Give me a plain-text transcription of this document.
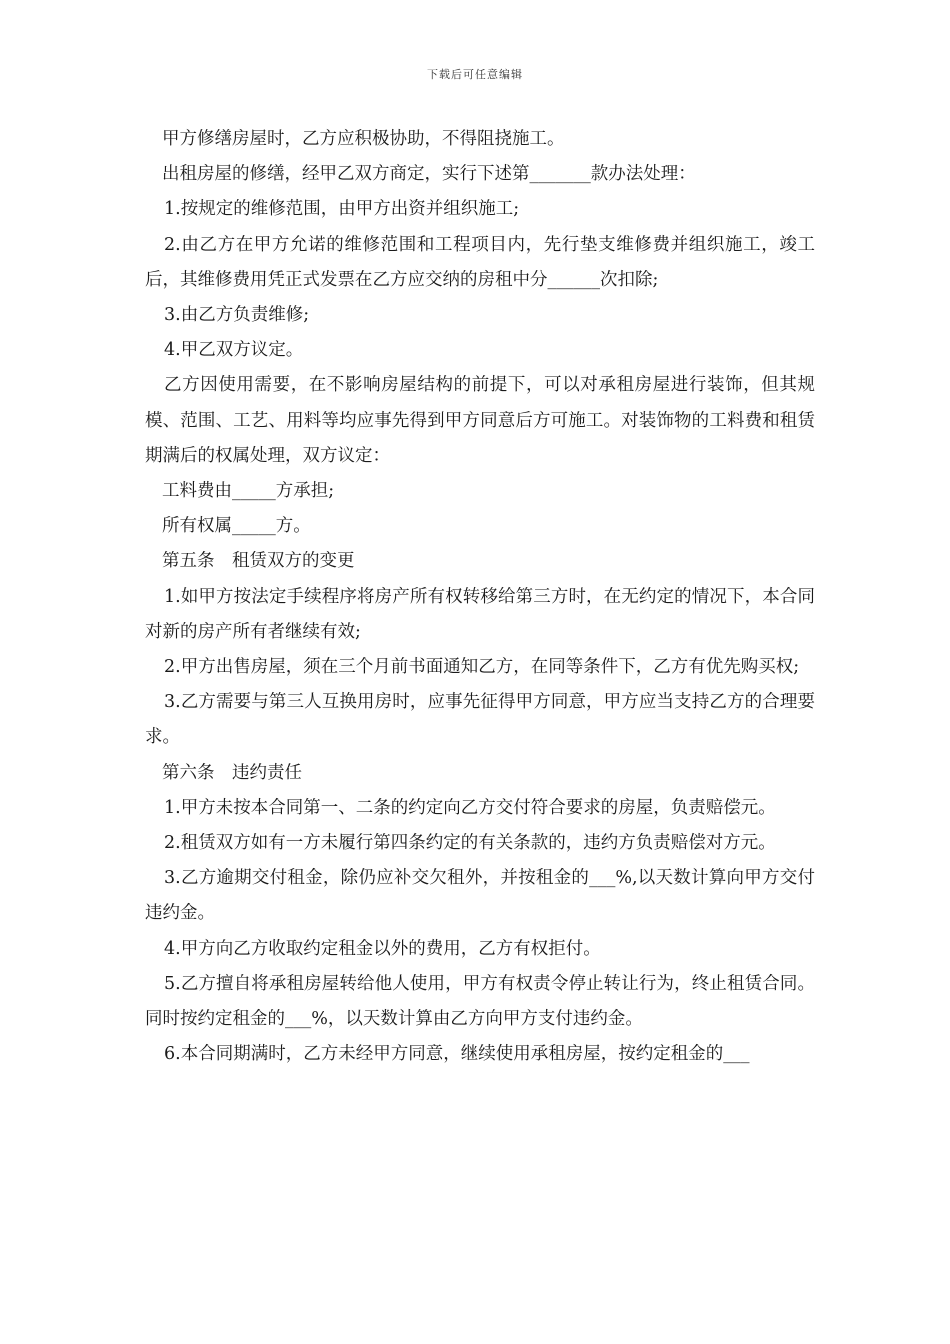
下载后可任意编辑

甲方修缮房屋时，乙方应积极协助，不得阻挠施工。

出租房屋的修缮，经甲乙双方商定，实行下述第_______款办法处理：

1.按规定的维修范围，由甲方出资并组织施工;

2.由乙方在甲方允诺的维修范围和工程项目内，先行垫支维修费并组织施工，竣工后，其维修费用凭正式发票在乙方应交纳的房租中分______次扣除;

3.由乙方负责维修;

4.甲乙双方议定。

乙方因使用需要，在不影响房屋结构的前提下，可以对承租房屋进行装饰，但其规模、范围、工艺、用料等均应事先得到甲方同意后方可施工。对装饰物的工料费和租赁期满后的权属处理，双方议定：

工料费由_____方承担;

所有权属_____方。

第五条　租赁双方的变更

1.如甲方按法定手续程序将房产所有权转移给第三方时，在无约定的情况下，本合同对新的房产所有者继续有效;

2.甲方出售房屋，须在三个月前书面通知乙方，在同等条件下，乙方有优先购买权;

3.乙方需要与第三人互换用房时，应事先征得甲方同意，甲方应当支持乙方的合理要求。

第六条　违约责任

1.甲方未按本合同第一、二条的约定向乙方交付符合要求的房屋，负责赔偿元。

2.租赁双方如有一方未履行第四条约定的有关条款的，违约方负责赔偿对方元。

3.乙方逾期交付租金，除仍应补交欠租外，并按租金的___%,以天数计算向甲方交付违约金。

4.甲方向乙方收取约定租金以外的费用，乙方有权拒付。

5.乙方擅自将承租房屋转给他人使用，甲方有权责令停止转让行为，终止租赁合同。同时按约定租金的___%，以天数计算由乙方向甲方支付违约金。

6.本合同期满时，乙方未经甲方同意，继续使用承租房屋，按约定租金的___
